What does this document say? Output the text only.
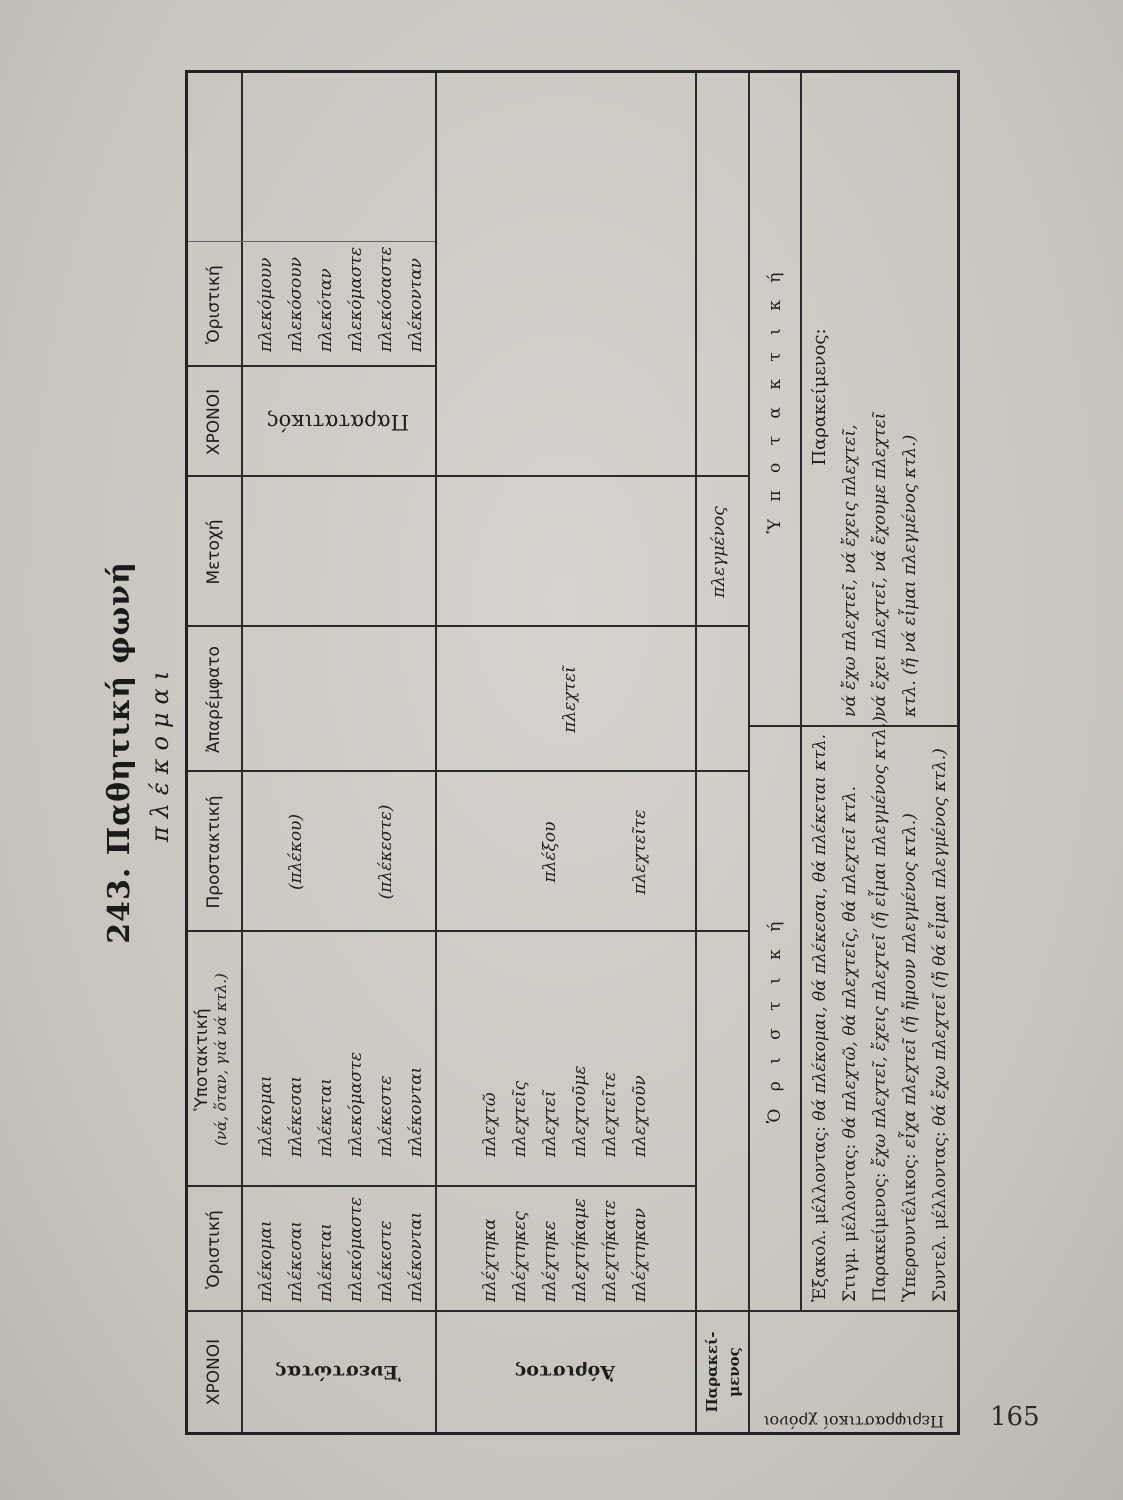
165
243. Παθητική φωνή πλέκομαι
ΧΡΟΝΟΙ
Ὁριστική
Ὑποτακτική (νά, ὅταν, γιά νά κτλ.)
Προστακτική
Ἀπαρέμφατο
Μετοχή
ΧΡΟΝΟΙ
Ὁριστική
Ἐνεστώτας
πλέκομαι πλέκεσαι πλέκεται πλεκόμαστε πλέκεστε πλέκονται
πλέκομαι πλέκεσαι πλέκεται πλεκόμαστε πλέκεστε πλέκονται
(πλέκου)	(πλέκεστε)
Παρατατικός
πλεκόμουν πλεκόσουν πλεκόταν πλεκόμαστε πλεκόσαστε πλέκονταν
Ἀόριστος
πλέχτηκα πλέχτηκες πλέχτηκε πλεχτήκαμε πλεχτήκατε πλέχτηκαν
πλεχτῶ πλεχτεῖς πλεχτεῖ πλεχτοῦμε πλεχτεῖτε πλεχτοῦν
πλέξου	πλεχτεῖτε
πλεχτεῖ
Παρακεί-μενος
πλεγμένος
Περιφραστικοί χρόνοι
Ὁ ρ ι σ τ ι κ ή
Ὑ π ο τ α κ τ ι κ ή
Ἐξακολ. μέλλοντας: θά πλέκομαι, θά πλέκεσαι, θά πλέκεται κτλ.
Στιγμ. μέλλοντας: θά πλεχτῶ, θά πλεχτεῖς, θά πλεχτεῖ κτλ.
Παρακείμενος: ἔχω πλεχτεῖ, ἔχεις πλεχτεῖ (ἤ εἶμαι πλεγμένος κτλ.)
Ὑπερσυντέλικος: εἶχα πλεχτεῖ (ἤ ἤμουν πλεγμένος κτλ.)
Συντελ. μέλλοντας: θά ἔχω πλεχτεῖ (ἤ θά εἶμαι πλεγμένος κτλ.)
Παρακείμενος:
νά ἔχω πλεχτεῖ, νά ἔχεις πλεχτεῖ, νά ἔχει πλεχτεῖ, νά ἔχουμε πλεχτεῖ κτλ. (ἤ νά εἶμαι πλεγμένος κτλ.)
